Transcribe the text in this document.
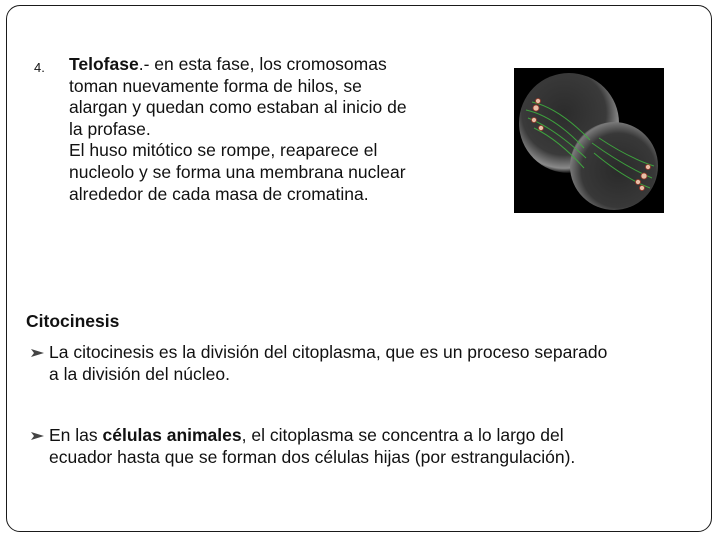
4. Telofase.- en esta fase, los cromosomas
toman nuevamente forma de hilos, se
alargan y quedan como estaban al inicio de
la profase.
El huso mitótico se rompe, reaparece el
nucleolo y se forma una membrana nuclear
alrededor de cada masa de cromatina.
Citocinesis
La citocinesis es la división del citoplasma, que es un proceso separado
a la división del núcleo.
En las células animales, el citoplasma se concentra a lo largo del
ecuador hasta que se forman dos células hijas (por estrangulación).
